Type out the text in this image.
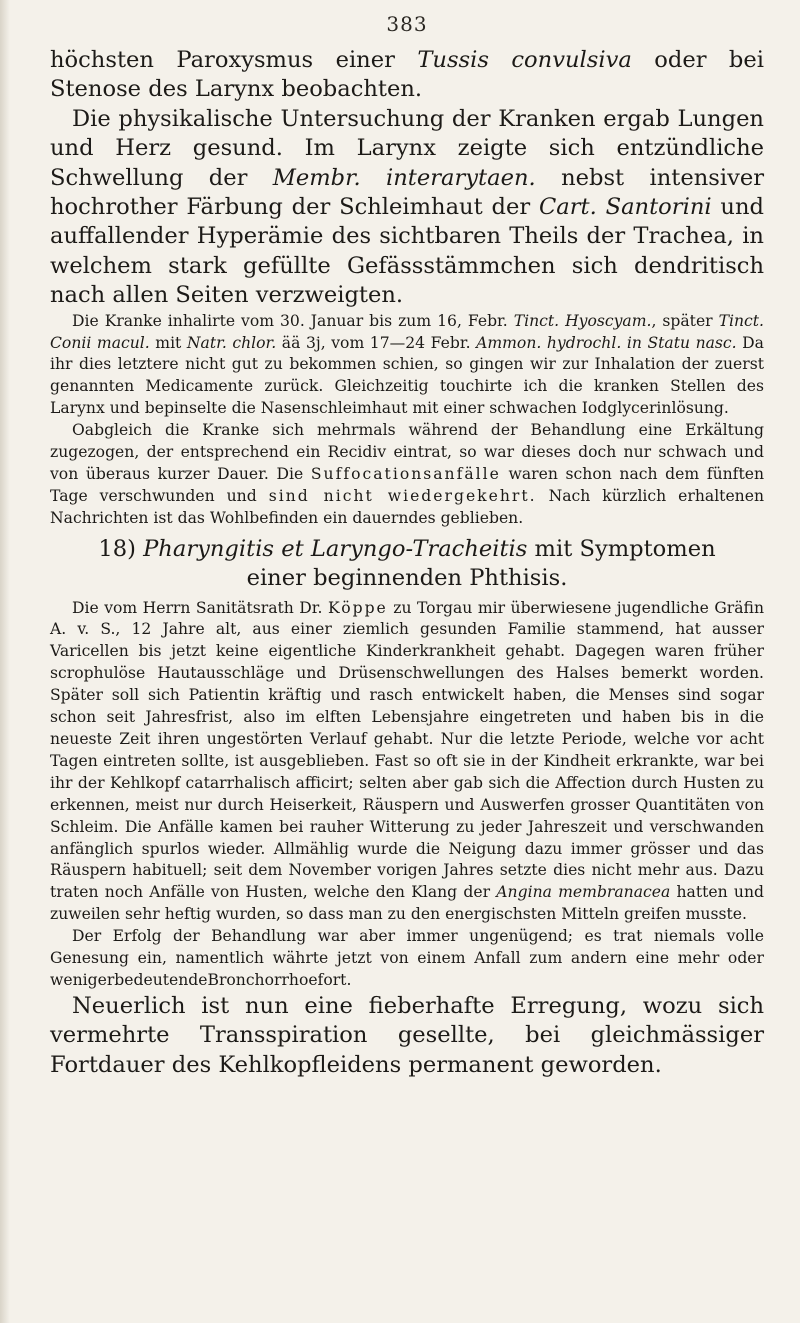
383

höchsten Paroxysmus einer Tussis convulsiva oder bei Stenose des Larynx beobachten.

Die physikalische Untersuchung der Kranken ergab Lungen und Herz gesund. Im Larynx zeigte sich entzündliche Schwellung der Membr. interarytaen. nebst intensiver hochrother Färbung der Schleimhaut der Cart. Santorini und auffallender Hyperämie des sichtbaren Theils der Trachea, in welchem stark gefüllte Gefässstämmchen sich dendritisch nach allen Seiten verzweigten.

Die Kranke inhalirte vom 30. Januar bis zum 16, Febr. Tinct. Hyoscyam., später Tinct. Conii macul. mit Natr. chlor. ää 3j, vom 17—24 Febr. Ammon. hydrochl. in Statu nasc. Da ihr dies letztere nicht gut zu bekommen schien, so gingen wir zur Inhalation der zuerst genannten Medicamente zurück. Gleichzeitig touchirte ich die kranken Stellen des Larynx und bepinselte die Nasenschleimhaut mit einer schwachen Iodglycerinlösung.

Oabgleich die Kranke sich mehrmals während der Behandlung eine Erkältung zugezogen, der entsprechend ein Recidiv eintrat, so war dieses doch nur schwach und von überaus kurzer Dauer. Die Suffocationsanfälle waren schon nach dem fünften Tage verschwunden und sind nicht wiedergekehrt. Nach kürzlich erhaltenen Nachrichten ist das Wohlbefinden ein dauerndes geblieben.

18) Pharyngitis et Laryngo-Tracheitis mit Symptomen
einer beginnenden Phthisis.

Die vom Herrn Sanitätsrath Dr. Köppe zu Torgau mir überwiesene jugendliche Gräfin A. v. S., 12 Jahre alt, aus einer ziemlich gesunden Familie stammend, hat ausser Varicellen bis jetzt keine eigentliche Kinderkrankheit gehabt. Dagegen waren früher scrophulöse Hautausschläge und Drüsenschwellungen des Halses bemerkt worden. Später soll sich Patientin kräftig und rasch entwickelt haben, die Menses sind sogar schon seit Jahresfrist, also im elften Lebensjahre eingetreten und haben bis in die neueste Zeit ihren ungestörten Verlauf gehabt. Nur die letzte Periode, welche vor acht Tagen eintreten sollte, ist ausgeblieben. Fast so oft sie in der Kindheit erkrankte, war bei ihr der Kehlkopf catarrhalisch afficirt; selten aber gab sich die Affection durch Husten zu erkennen, meist nur durch Heiserkeit, Räuspern und Auswerfen grosser Quantitäten von Schleim. Die Anfälle kamen bei rauher Witterung zu jeder Jahreszeit und verschwanden anfänglich spurlos wieder. Allmählig wurde die Neigung dazu immer grösser und das Räuspern habituell; seit dem November vorigen Jahres setzte dies nicht mehr aus. Dazu traten noch Anfälle von Husten, welche den Klang der Angina membranacea hatten und zuweilen sehr heftig wurden, so dass man zu den energischsten Mitteln greifen musste.

Der Erfolg der Behandlung war aber immer ungenügend; es trat niemals volle Genesung ein, namentlich währte jetzt von einem Anfall zum andern eine mehr oder wenigerbedeutendeBronchorrhoefort.

Neuerlich ist nun eine fieberhafte Erregung, wozu sich vermehrte Transspiration gesellte, bei gleichmässiger Fortdauer des Kehlkopfleidens permanent geworden.
